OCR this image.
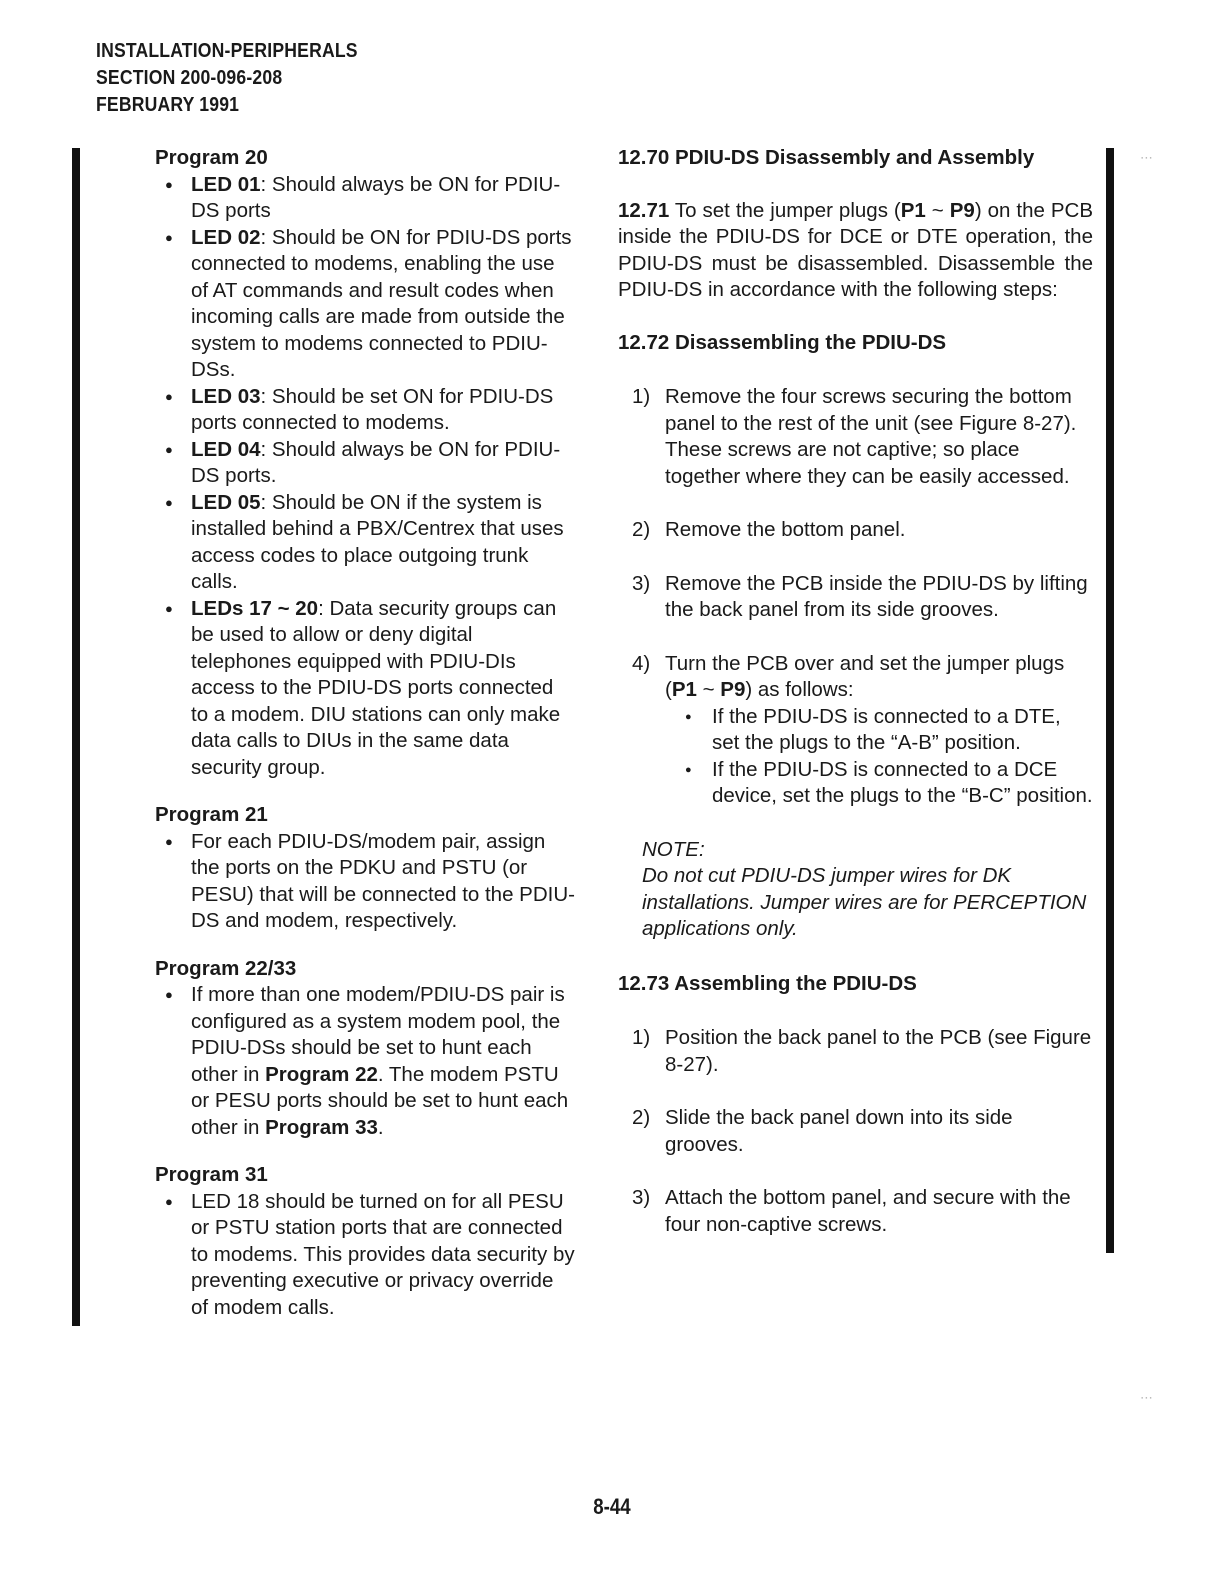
INSTALLATION-PERIPHERALS
SECTION 200-096-208
FEBRUARY 1991

Program 20

● LED 01: Should always be ON for PDIU-DS ports
● LED 02: Should be ON for PDIU-DS ports connected to modems, enabling the use of AT commands and result codes when incoming calls are made from outside the system to modems connected to PDIU-DSs.
● LED 03: Should be set ON for PDIU-DS ports connected to modems.
● LED 04: Should always be ON for PDIU-DS ports.
● LED 05: Should be ON if the system is installed behind a PBX/Centrex that uses access codes to place outgoing trunk calls.
● LEDs 17 ~ 20: Data security groups can be used to allow or deny digital telephones equipped with PDIU-DIs access to the PDIU-DS ports connected to a modem. DIU stations can only make data calls to DIUs in the same data security group.

Program 21

● For each PDIU-DS/modem pair, assign the ports on the PDKU and PSTU (or PESU) that will be connected to the PDIU-DS and modem, respectively.

Program 22/33

● If more than one modem/PDIU-DS pair is configured as a system modem pool, the PDIU-DSs should be set to hunt each other in Program 22. The modem PSTU or PESU ports should be set to hunt each other in Program 33.

Program 31

● LED 18 should be turned on for all PESU or PSTU station ports that are connected to modems. This provides data security by preventing executive or privacy override of modem calls.

12.70 PDIU-DS Disassembly and Assembly

12.71 To set the jumper plugs (P1 ~ P9) on the PCB inside the PDIU-DS for DCE or DTE operation, the PDIU-DS must be disassembled. Disassemble the PDIU-DS in accordance with the following steps:

12.72 Disassembling the PDIU-DS

1) Remove the four screws securing the bottom panel to the rest of the unit (see Figure 8-27). These screws are not captive; so place together where they can be easily accessed.
2) Remove the bottom panel.
3) Remove the PCB inside the PDIU-DS by lifting the back panel from its side grooves.
4) Turn the PCB over and set the jumper plugs (P1 ~ P9) as follows:
● If the PDIU-DS is connected to a DTE, set the plugs to the “A-B” position.
● If the PDIU-DS is connected to a DCE device, set the plugs to the “B-C” position.
NOTE:
Do not cut PDIU-DS jumper wires for DK installations. Jumper wires are for PERCEPTION applications only.

12.73 Assembling the PDIU-DS

1) Position the back panel to the PCB (see Figure 8-27).
2) Slide the back panel down into its side grooves.
3) Attach the bottom panel, and secure with the four non-captive screws.
⋯
⋯
8-44
